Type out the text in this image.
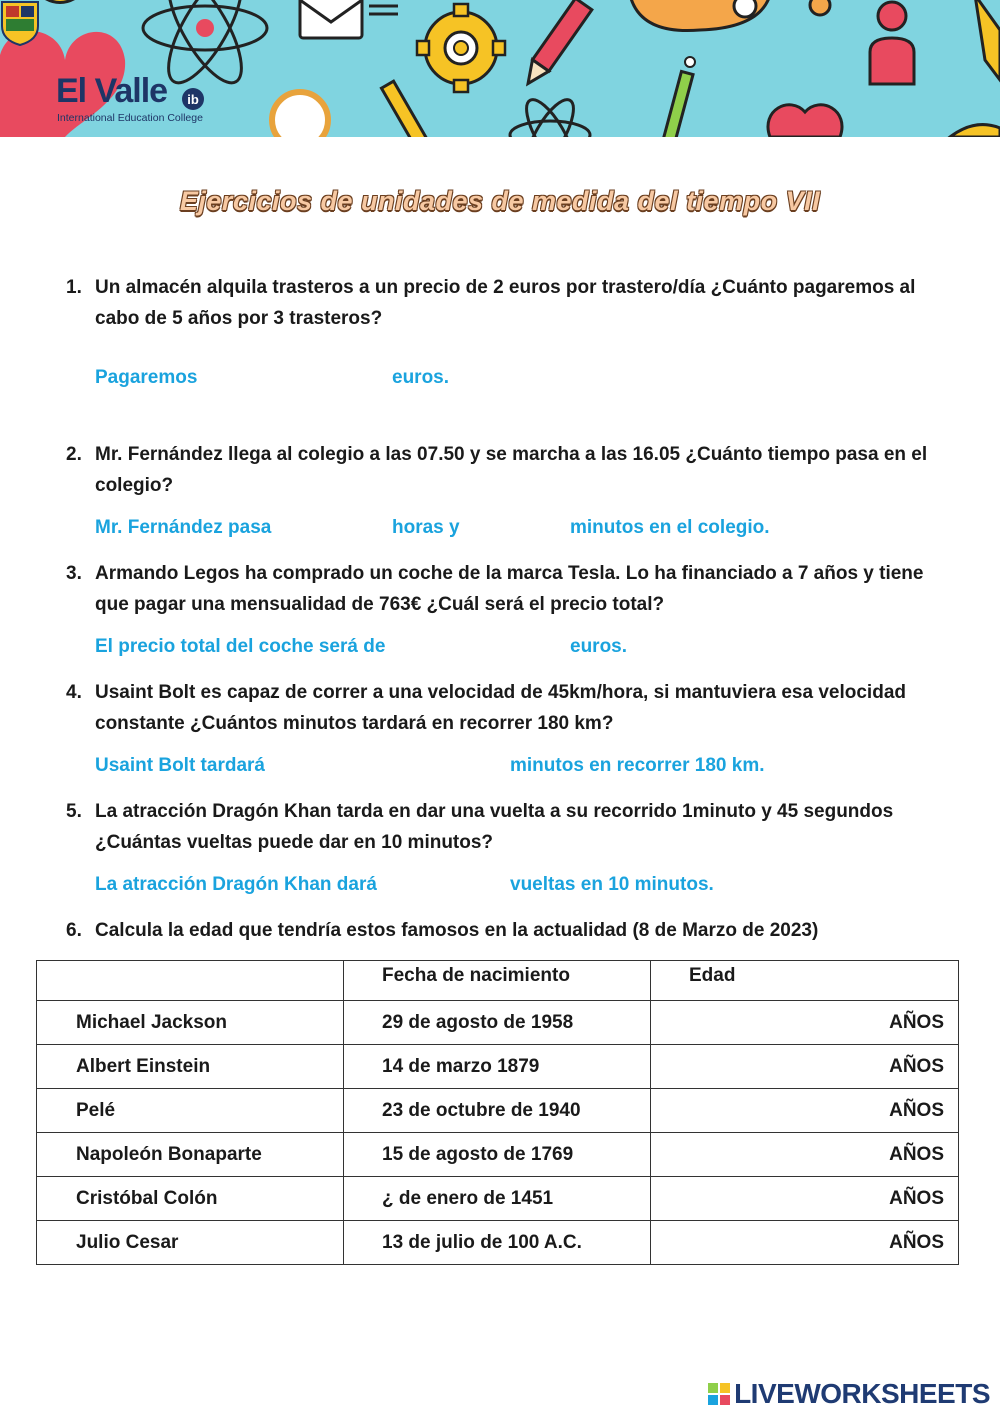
El Valle ib
International Education College
Ejercicios de unidades de medida del tiempo VII
1. Un almacén alquila trasteros a un precio de 2 euros por trastero/día ¿Cuánto pagaremos al cabo de 5 años por 3 trasteros?
Pagaremos	euros.
2. Mr. Fernández llega al colegio a las 07.50 y se marcha a las 16.05 ¿Cuánto tiempo pasa en el colegio?
Mr. Fernández pasa	horas y	minutos en el colegio.
3. Armando Legos ha comprado un coche de la marca Tesla. Lo ha financiado a 7 años y tiene que pagar una mensualidad de 763€ ¿Cuál será el precio total?
El precio total del coche será de	euros.
4. Usaint Bolt es capaz de correr a una velocidad de 45km/hora, si mantuviera esa velocidad constante ¿Cuántos minutos tardará en recorrer 180 km?
Usaint Bolt tardará	minutos en recorrer 180 km.
5. La atracción Dragón Khan tarda en dar una vuelta a su recorrido 1minuto y 45 segundos ¿Cuántas vueltas puede dar en 10 minutos?
La atracción Dragón Khan dará	vueltas en 10 minutos.
6. Calcula la edad que tendría estos famosos en la actualidad (8 de Marzo de 2023)
	Fecha de nacimiento	Edad
Michael Jackson	29 de agosto de 1958	AÑOS
Albert Einstein	14 de marzo 1879	AÑOS
Pelé	23 de octubre de 1940	AÑOS
Napoleón Bonaparte	15 de agosto de 1769	AÑOS
Cristóbal Colón	¿ de enero de 1451	AÑOS
Julio Cesar	13 de julio de 100 A.C.	AÑOS
LIVEWORKSHEETS
